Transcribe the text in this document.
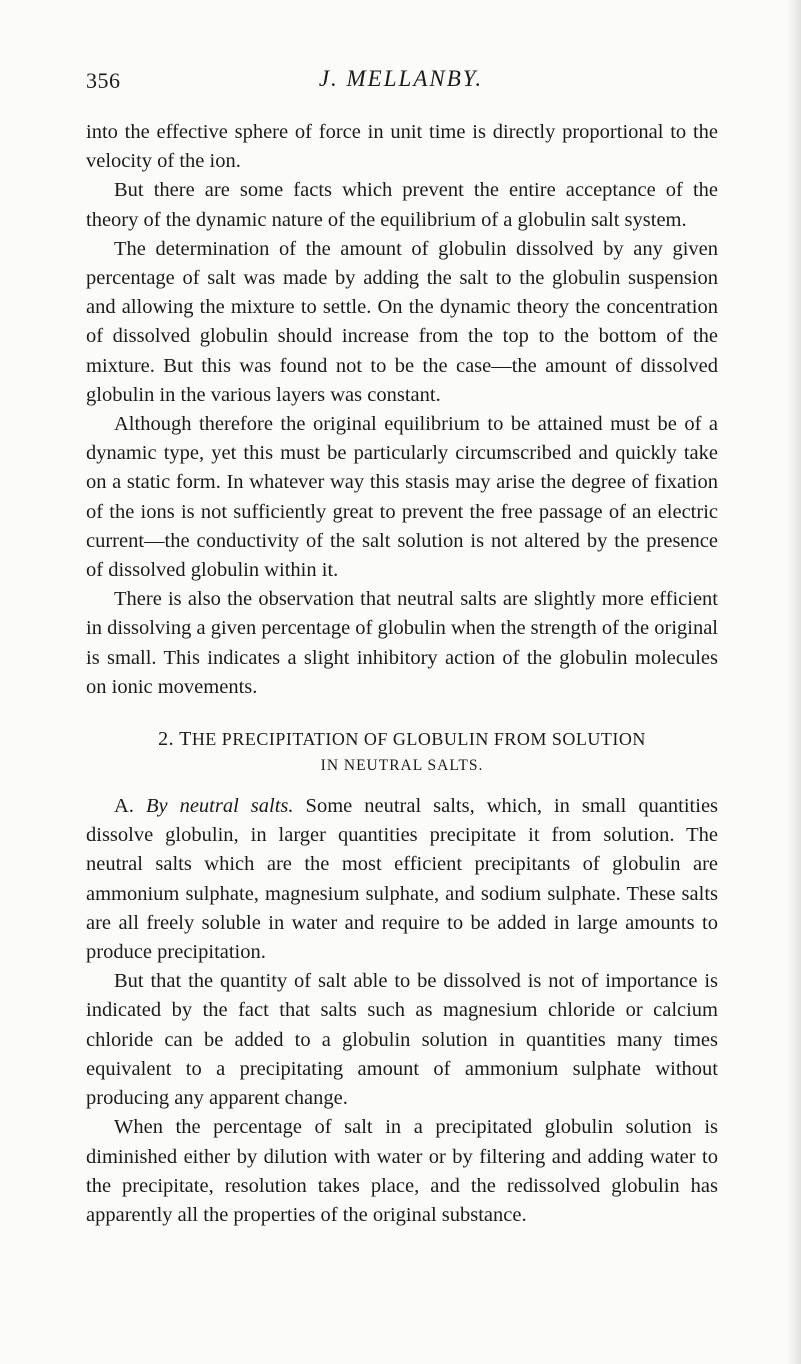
356	J. MELLANBY.

into the effective sphere of force in unit time is directly proportional to the velocity of the ion.

But there are some facts which prevent the entire acceptance of the theory of the dynamic nature of the equilibrium of a globulin salt system.

The determination of the amount of globulin dissolved by any given percentage of salt was made by adding the salt to the globulin suspension and allowing the mixture to settle. On the dynamic theory the concentration of dissolved globulin should increase from the top to the bottom of the mixture. But this was found not to be the case—the amount of dissolved globulin in the various layers was constant.

Although therefore the original equilibrium to be attained must be of a dynamic type, yet this must be particularly circumscribed and quickly take on a static form. In whatever way this stasis may arise the degree of fixation of the ions is not sufficiently great to prevent the free passage of an electric current—the conductivity of the salt solution is not altered by the presence of dissolved globulin within it.

There is also the observation that neutral salts are slightly more efficient in dissolving a given percentage of globulin when the strength of the original is small. This indicates a slight inhibitory action of the globulin molecules on ionic movements.

2. THE PRECIPITATION OF GLOBULIN FROM SOLUTION
IN NEUTRAL SALTS.

A. By neutral salts. Some neutral salts, which, in small quantities dissolve globulin, in larger quantities precipitate it from solution. The neutral salts which are the most efficient precipitants of globulin are ammonium sulphate, magnesium sulphate, and sodium sulphate. These salts are all freely soluble in water and require to be added in large amounts to produce precipitation.

But that the quantity of salt able to be dissolved is not of importance is indicated by the fact that salts such as magnesium chloride or calcium chloride can be added to a globulin solution in quantities many times equivalent to a precipitating amount of ammonium sulphate without producing any apparent change.

When the percentage of salt in a precipitated globulin solution is diminished either by dilution with water or by filtering and adding water to the precipitate, resolution takes place, and the redissolved globulin has apparently all the properties of the original substance.
